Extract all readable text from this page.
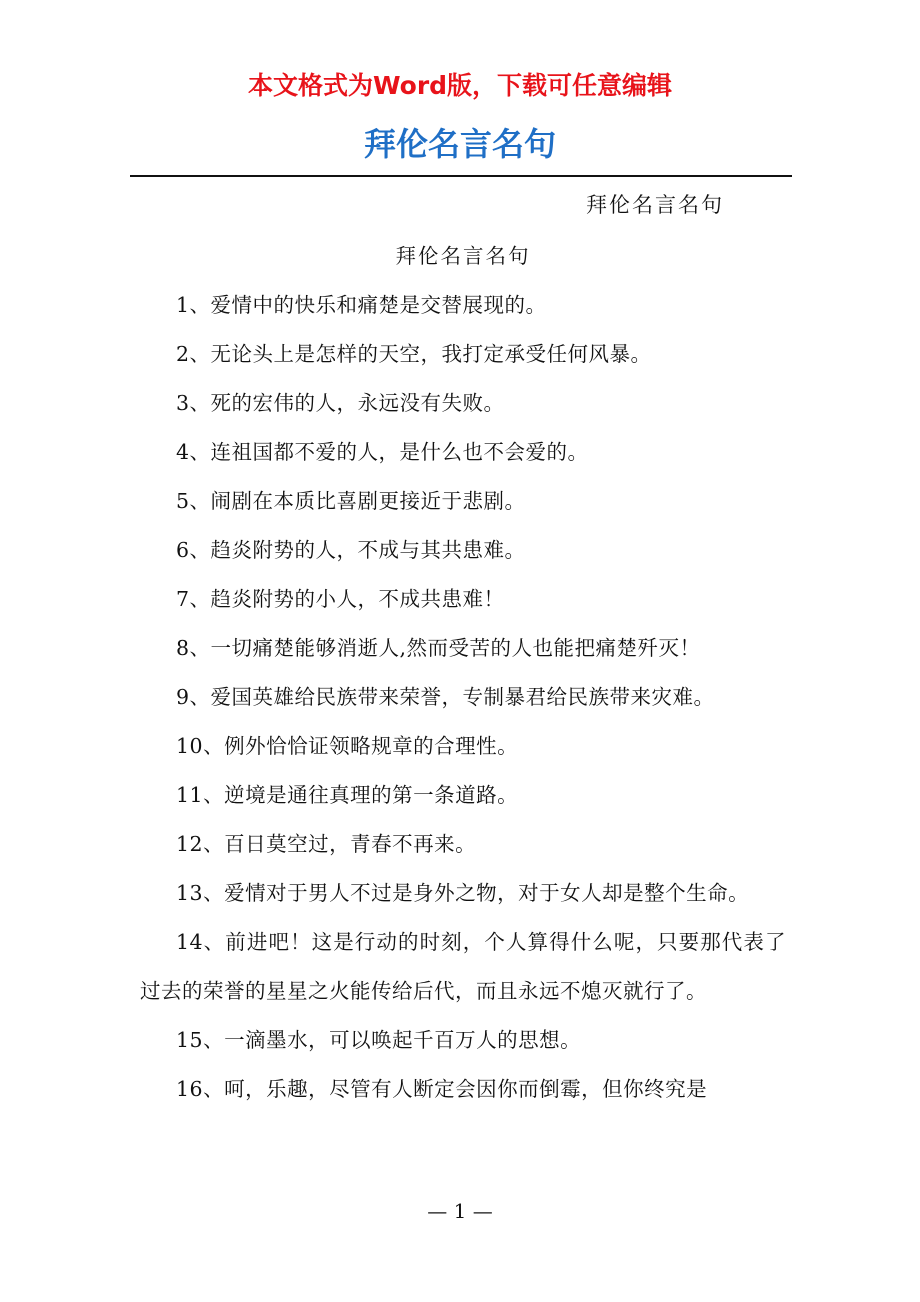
本文格式为Word版，下载可任意编辑
拜伦名言名句
拜伦名言名句
拜伦名言名句
1、爱情中的快乐和痛楚是交替展现的。
2、无论头上是怎样的天空，我打定承受任何风暴。
3、死的宏伟的人，永远没有失败。
4、连祖国都不爱的人，是什么也不会爱的。
5、闹剧在本质比喜剧更接近于悲剧。
6、趋炎附势的人，不成与其共患难。
7、趋炎附势的小人，不成共患难！
8、一切痛楚能够消逝人,然而受苦的人也能把痛楚歼灭！
9、爱国英雄给民族带来荣誉，专制暴君给民族带来灾难。
10、例外恰恰证领略规章的合理性。
11、逆境是通往真理的第一条道路。
12、百日莫空过，青春不再来。
13、爱情对于男人不过是身外之物，对于女人却是整个生命。
14、前进吧！这是行动的时刻，个人算得什么呢，只要那代表了过去的荣誉的星星之火能传给后代，而且永远不熄灭就行了。
15、一滴墨水，可以唤起千百万人的思想。
16、呵，乐趣，尽管有人断定会因你而倒霉，但你终究是
— 1 —
